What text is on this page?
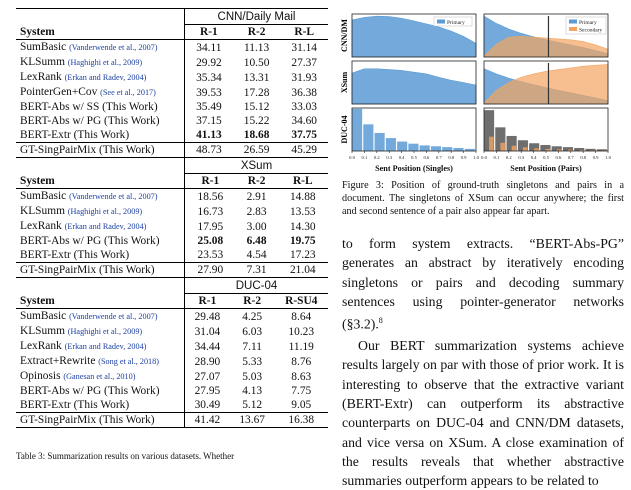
	CNN/Daily Mail		
System	R-1	R-2	R-L
SumBasic (Vanderwende et al., 2007)	34.11	11.13	31.14
KLSumm (Haghighi et al., 2009)	29.92	10.50	27.37
LexRank (Erkan and Radev, 2004)	35.34	13.31	31.93
PointerGen+Cov (See et al., 2017)	39.53	17.28	36.38
BERT-Abs w/ SS (This Work)	35.49	15.12	33.03
BERT-Abs w/ PG (This Work)	37.15	15.22	34.60
BERT-Extr (This Work)	41.13	18.68	37.75
GT-SingPairMix (This Work)	48.73	26.59	45.29
	XSum		
System	R-1	R-2	R-L
SumBasic (Vanderwende et al., 2007)	18.56	2.91	14.88
KLSumm (Haghighi et al., 2009)	16.73	2.83	13.53
LexRank (Erkan and Radev, 2004)	17.95	3.00	14.30
BERT-Abs w/ PG (This Work)	25.08	6.48	19.75
BERT-Extr (This Work)	23.53	4.54	17.23
GT-SingPairMix (This Work)	27.90	7.31	21.04
	DUC-04		
System	R-1	R-2	R-SU4
SumBasic (Vanderwende et al., 2007)	29.48	4.25	8.64
KLSumm (Haghighi et al., 2009)	31.04	6.03	10.23
LexRank (Erkan and Radev, 2004)	34.44	7.11	11.19
Extract+Rewrite (Song et al., 2018)	28.90	5.33	8.76
Opinosis (Ganesan et al., 2010)	27.07	5.03	8.63
BERT-Abs w/ PG (This Work)	27.95	4.13	7.75
BERT-Extr (This Work)	30.49	5.12	9.05
GT-SingPairMix (This Work)	41.42	13.67	16.38
Table 3: Summarization results on various datasets. Whether
CNN/DM
XSum
DUC-04
Primary	Primary
Secondary
0.0 0.1 0.2 0.3 0.4 0.5 0.6 0.7 0.8 0.9 1.0
Sent Position (Singles)
0.0 0.1 0.2 0.3 0.4 0.5 0.6 0.7 0.8 0.9 1.0
Sent Position (Pairs)
Figure 3: Position of ground-truth singletons and pairs in a document. The singletons of XSum can occur anywhere; the first and second sentence of a pair also appear far apart.

to form system extracts. “BERT-Abs-PG” generates an abstract by iteratively encoding singletons or pairs and decoding summary sentences using pointer-generator networks (§3.2).$^8$

Our BERT summarization systems achieve results largely on par with those of prior work. It is interesting to observe that the extractive variant (BERT-Extr) can outperform its abstractive counterparts on DUC-04 and CNN/DM datasets, and vice versa on XSum. A close examination of the results reveals that whether abstractive summaries outperform appears to be related to
